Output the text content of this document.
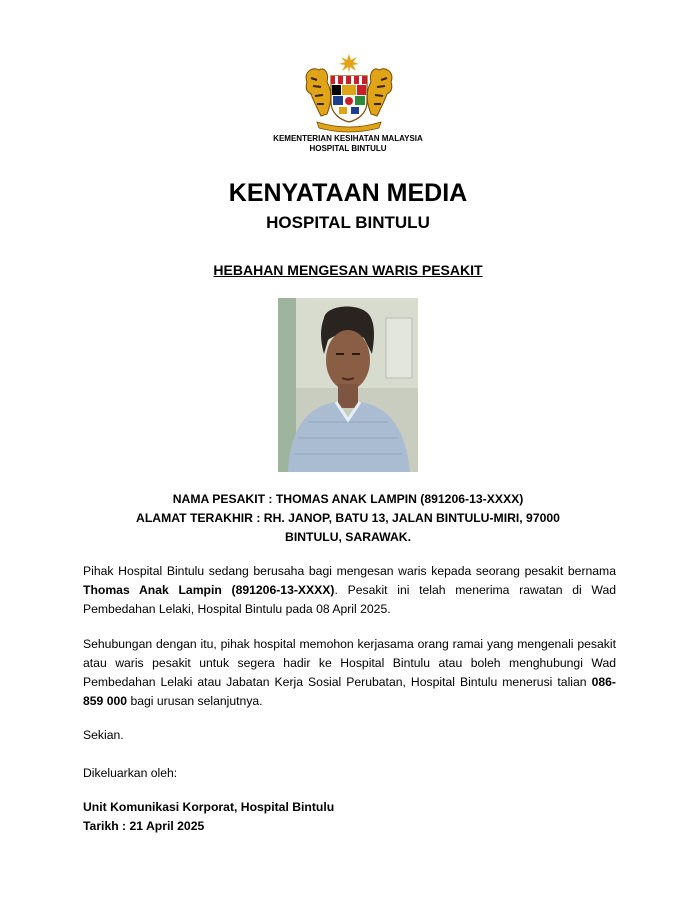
KEMENTERIAN KESIHATAN MALAYSIA
HOSPITAL BINTULU
KENYATAAN MEDIA
HOSPITAL BINTULU
HEBAHAN MENGESAN WARIS PESAKIT
NAMA PESAKIT : THOMAS ANAK LAMPIN (891206-13-XXXX)
ALAMAT TERAKHIR : RH. JANOP, BATU 13, JALAN BINTULU-MIRI, 97000
BINTULU, SARAWAK.

Pihak Hospital Bintulu sedang berusaha bagi mengesan waris kepada seorang pesakit bernama Thomas Anak Lampin (891206-13-XXXX). Pesakit ini telah menerima rawatan di Wad Pembedahan Lelaki, Hospital Bintulu pada 08 April 2025.

Sehubungan dengan itu, pihak hospital memohon kerjasama orang ramai yang mengenali pesakit atau waris pesakit untuk segera hadir ke Hospital Bintulu atau boleh menghubungi Wad Pembedahan Lelaki atau Jabatan Kerja Sosial Perubatan, Hospital Bintulu menerusi talian 086-859 000 bagi urusan selanjutnya.

Sekian.
Dikeluarkan oleh:
Unit Komunikasi Korporat, Hospital Bintulu
Tarikh : 21 April 2025
